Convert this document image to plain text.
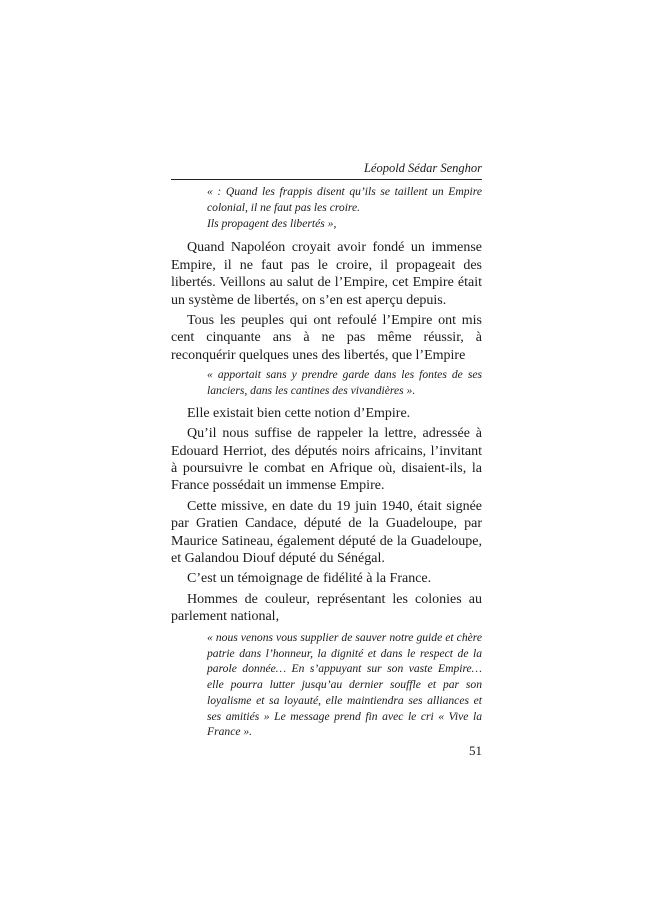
Léopold Sédar Senghor
« : Quand les frappis disent qu’ils se taillent un Empire colonial, il ne faut pas les croire.
Ils propagent des libertés »,

Quand Napoléon croyait avoir fondé un immense Empire, il ne faut pas le croire, il propageait des libertés. Veillons au salut de l’Empire, cet Empire était un système de libertés, on s’en est aperçu depuis.

Tous les peuples qui ont refoulé l’Empire ont mis cent cinquante ans à ne pas même réussir, à reconquérir quelques unes des libertés, que l’Empire

« apportait sans y prendre garde dans les fontes de ses lanciers, dans les cantines des vivandières ».

Elle existait bien cette notion d’Empire.

Qu’il nous suffise de rappeler la lettre, adressée à Edouard Herriot, des députés noirs africains, l’invitant à poursuivre le combat en Afrique où, disaient-ils, la France possédait un immense Empire.

Cette missive, en date du 19 juin 1940, était signée par Gratien Candace, député de la Guadeloupe, par Maurice Satineau, également député de la Guadeloupe, et Galandou Diouf député du Sénégal.

C’est un témoignage de fidélité à la France.

Hommes de couleur, représentant les colonies au parlement national,

« nous venons vous supplier de sauver notre guide et chère patrie dans l’honneur, la dignité et dans le respect de la parole donnée… En s’appuyant sur son vaste Empire… elle pourra lutter jusqu’au dernier souffle et par son loyalisme et sa loyauté, elle maintiendra ses alliances et ses amitiés » Le message prend fin avec le cri « Vive la France ».
51
